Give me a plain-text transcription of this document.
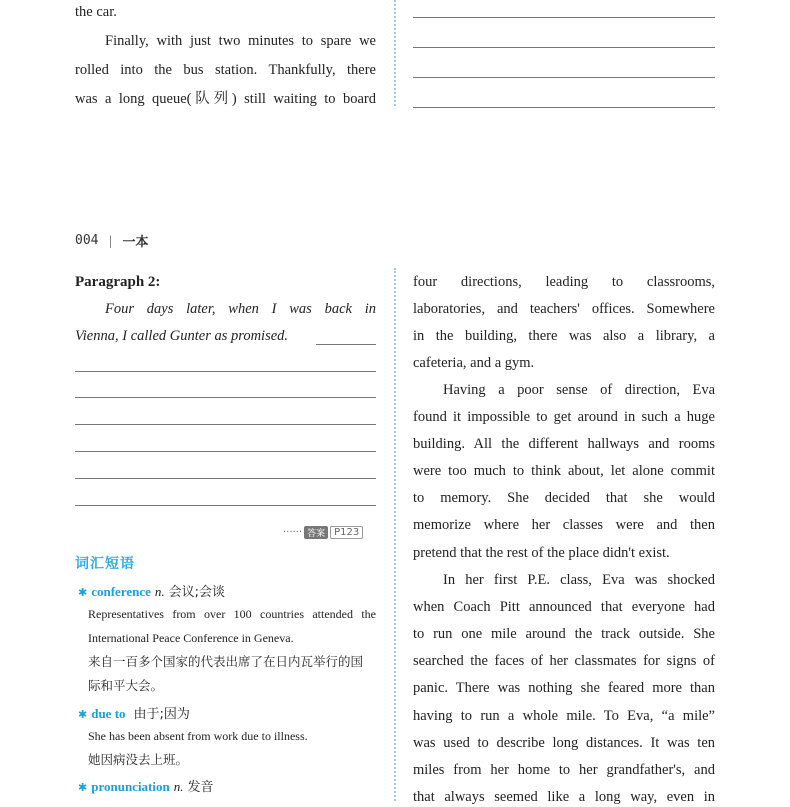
the car.
Finally, with just two minutes to spare we
rolled into the bus station. Thankfully, there
was a long queue(队列) still waiting to board
004 | 一本
Paragraph 2:
Four days later, when I was back in
Vienna, I called Gunter as promised.
······ 答案 P123
词汇短语
✱ conference n. 会议;会谈
Representatives from over 100 countries attended the
International Peace Conference in Geneva.
来自一百多个国家的代表出席了在日内瓦举行的国
际和平大会。
✱ due to 由于;因为
She has been absent from work due to illness.
她因病没去上班。
✱ pronunciation n. 发音
four directions, leading to classrooms,
laboratories, and teachers' offices. Somewhere
in the building, there was also a library, a
cafeteria, and a gym.
Having a poor sense of direction, Eva
found it impossible to get around in such a huge
building. All the different hallways and rooms
were too much to think about, let alone commit
to memory. She decided that she would
memorize where her classes were and then
pretend that the rest of the place didn't exist.
In her first P.E. class, Eva was shocked
when Coach Pitt announced that everyone had
to run one mile around the track outside. She
searched the faces of her classmates for signs of
panic. There was nothing she feared more than
having to run a whole mile. To Eva, “a mile”
was used to describe long distances. It was ten
miles from her home to her grandfather's, and
that always seemed like a long way, even in
